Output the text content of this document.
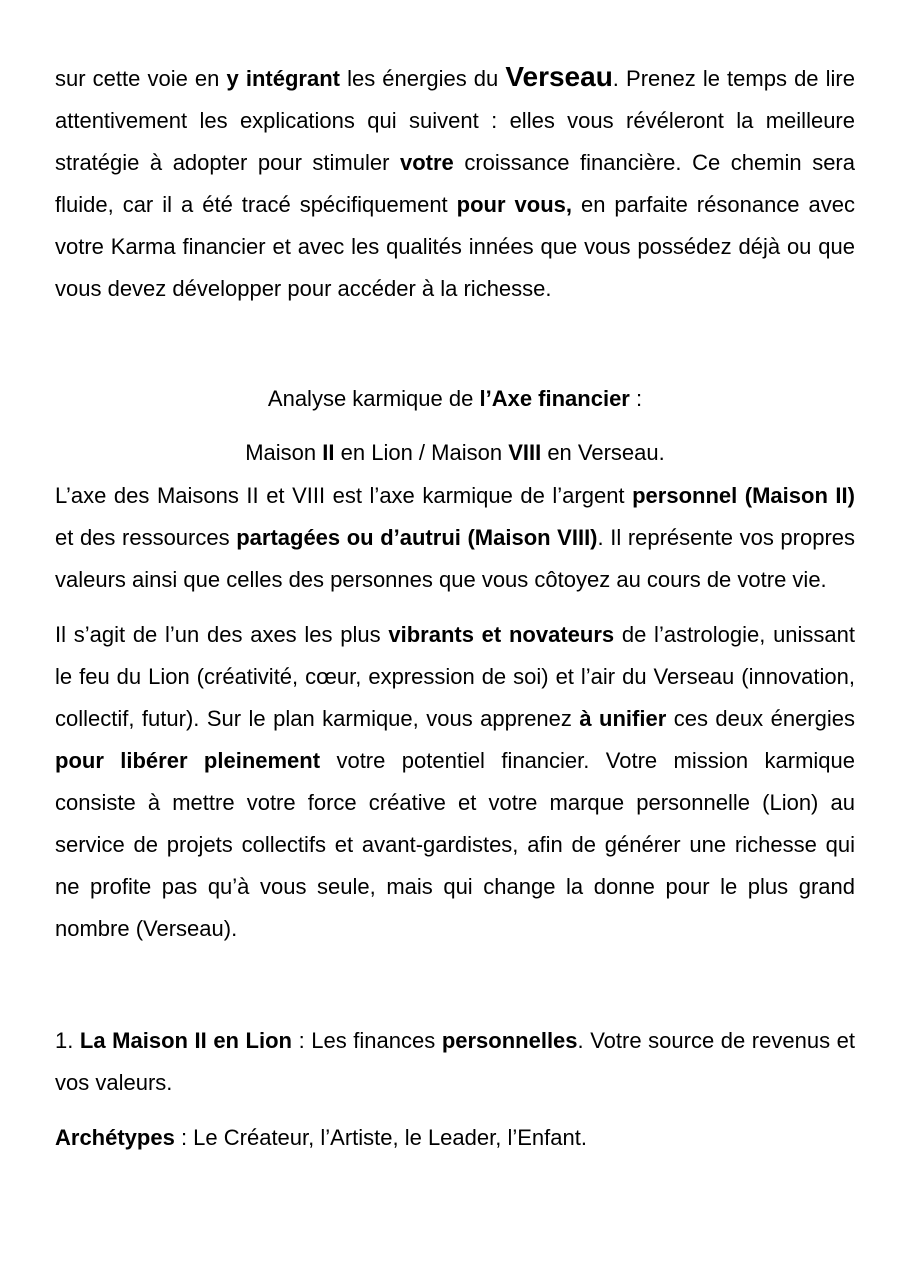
sur cette voie en y intégrant les énergies du Verseau. Prenez le temps de lire attentivement les explications qui suivent : elles vous révéleront la meilleure stratégie à adopter pour stimuler votre croissance financière. Ce chemin sera fluide, car il a été tracé spécifiquement pour vous, en parfaite résonance avec votre Karma financier et avec les qualités innées que vous possédez déjà ou que vous devez développer pour accéder à la richesse.

Analyse karmique de l’Axe financier :

Maison II en Lion / Maison VIII en Verseau.

L’axe des Maisons II et VIII est l’axe karmique de l’argent personnel (Maison II) et des ressources partagées ou d’autrui (Maison VIII). Il représente vos propres valeurs ainsi que celles des personnes que vous côtoyez au cours de votre vie.

Il s’agit de l’un des axes les plus vibrants et novateurs de l’astrologie, unissant le feu du Lion (créativité, cœur, expression de soi) et l’air du Verseau (innovation, collectif, futur). Sur le plan karmique, vous apprenez à unifier ces deux énergies pour libérer pleinement votre potentiel financier. Votre mission karmique consiste à mettre votre force créative et votre marque personnelle (Lion) au service de projets collectifs et avant-gardistes, afin de générer une richesse qui ne profite pas qu’à vous seule, mais qui change la donne pour le plus grand nombre (Verseau).

1. La Maison II en Lion : Les finances personnelles. Votre source de revenus et vos valeurs.

Archétypes : Le Créateur, l’Artiste, le Leader, l’Enfant.
